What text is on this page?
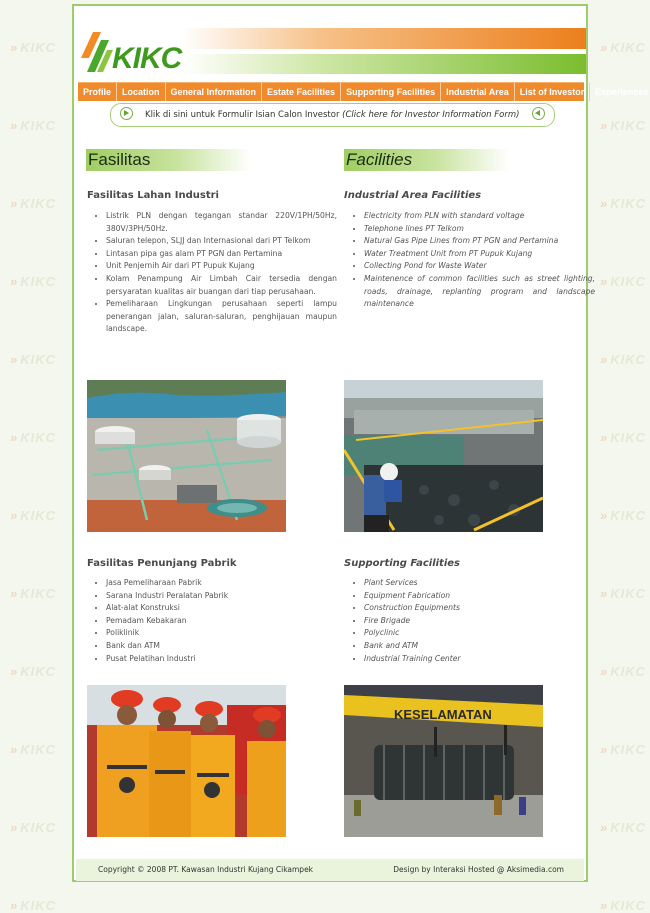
» KIKC	» KIKC
» KIKC	» KIKC
» KIKC	» KIKC
» KIKC	» KIKC
» KIKC	» KIKC
» KIKC	» KIKC
» KIKC	» KIKC
» KIKC	» KIKC
» KIKC	» KIKC
» KIKC	» KIKC
» KIKC	» KIKC
» KIKC	» KIKC
KIKC
Profile	Location	General Information	Estate Facilities	Supporting Facilities	Industrial Area	List of Investor	Experiences
Klik di sini untuk Formulir Isian Calon Investor (Click here for Investor Information Form)
Fasilitas
Fasilitas Lahan Industri
• Listrik PLN dengan tegangan standar 220V/1PH/50Hz, 380V/3PH/50Hz.
• Saluran telepon, SLJJ dan Internasional dari PT Telkom
• Lintasan pipa gas alam PT PGN dan Pertamina
• Unit Penjernih Air dari PT Pupuk Kujang
• Kolam Penampung Air Limbah Cair tersedia dengan persyaratan kualitas air buangan dari tiap perusahaan.
• Pemeliharaan Lingkungan perusahaan seperti lampu penerangan jalan, saluran-saluran, penghijauan maupun landscape.
Facilities
Industrial Area Facilities
• Electricity from PLN with standard voltage
• Telephone lines PT Telkom
• Natural Gas Pipe Lines from PT PGN and Pertamina
• Water Treatment Unit from PT Pupuk Kujang
• Collecting Pond for Waste Water
• Maintenence of common facilities such as street lighting, roads, drainage, replanting program and landscape maintenance
Fasilitas Penunjang Pabrik
• Jasa Pemeliharaan Pabrik
• Sarana Industri Peralatan Pabrik
• Alat-alat Konstruksi
• Pemadam Kebakaran
• Poliklinik
• Bank dan ATM
• Pusat Pelatihan Industri
Supporting Facilities
• Plant Services
• Equipment Fabrication
• Construction Equipments
• Fire Brigade
• Polyclinic
• Bank and ATM
• Industrial Training Center
KESELAMATAN
Copyright © 2008 PT. Kawasan Industri Kujang Cikampek	Design by Interaksi Hosted @ Aksimedia.com
